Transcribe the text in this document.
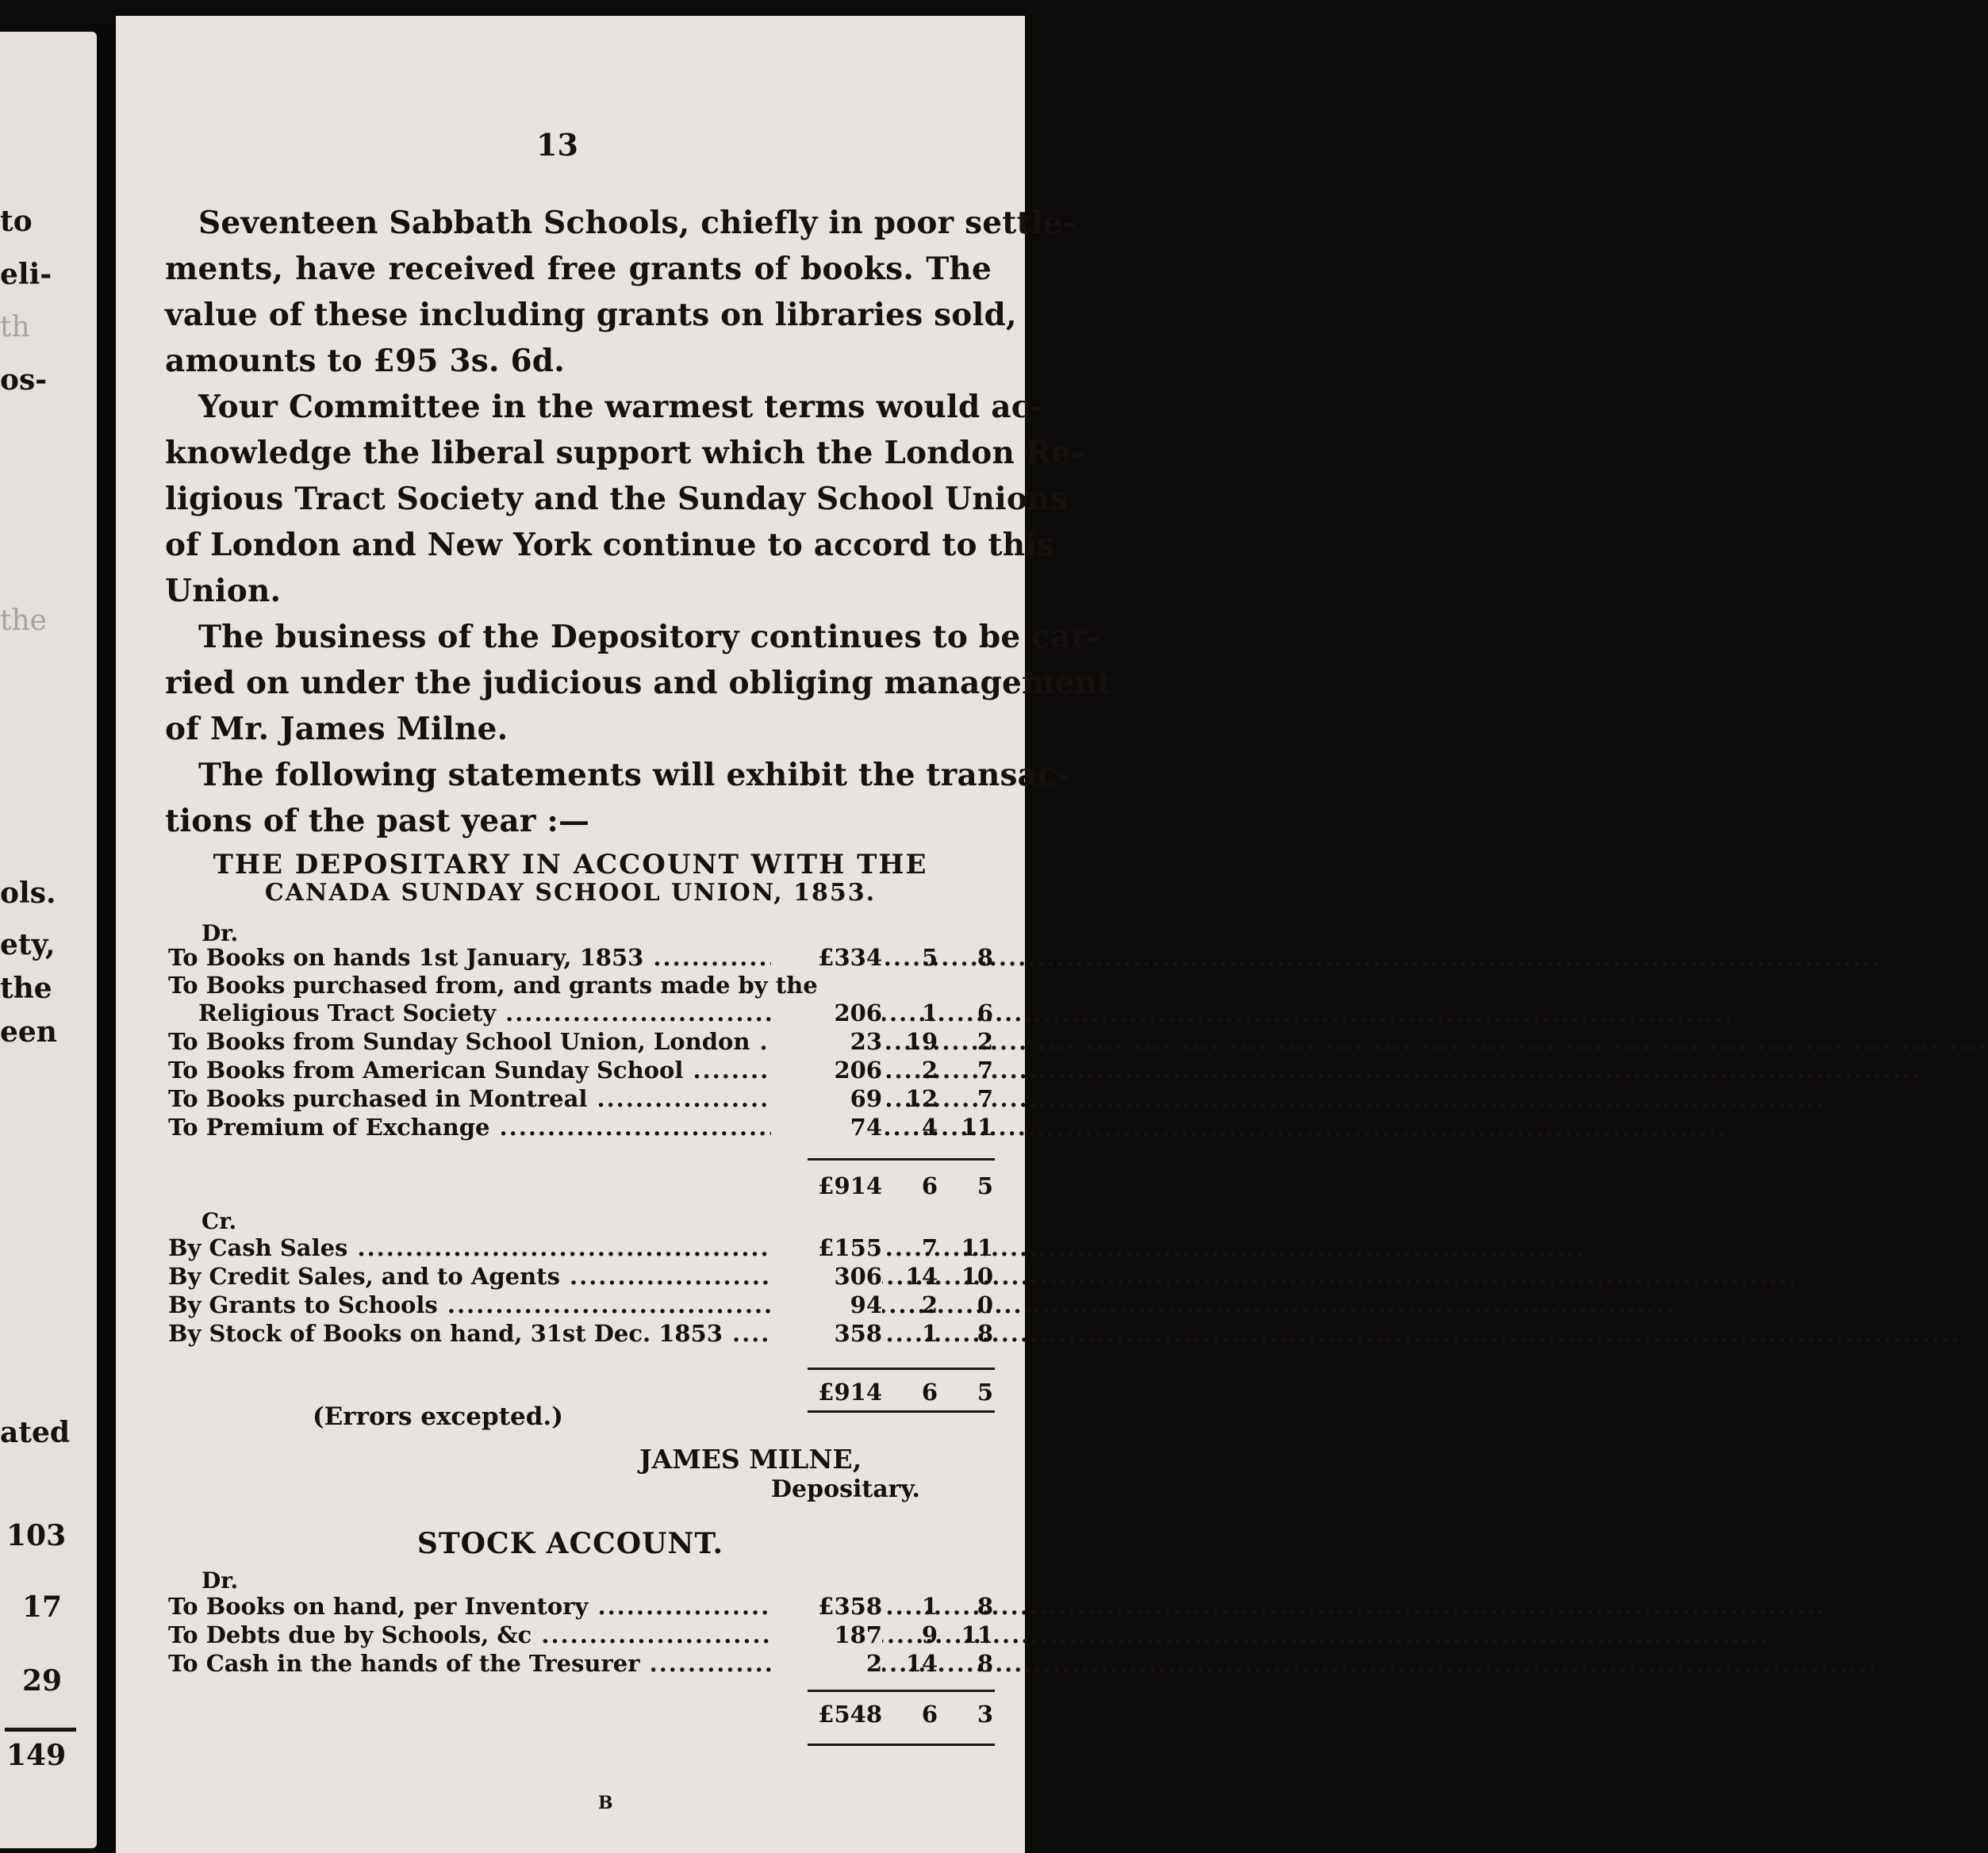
to
eli-
th
os-
the
ols.
ety,
the
een
ated
103
17
29
149
13
Seventeen Sabbath Schools, chiefly in poor settle-
ments, have received free grants of books. The
value of these including grants on libraries sold,
amounts to £95 3s. 6d.
Your Committee in the warmest terms would ac-
knowledge the liberal support which the London Re-
ligious Tract Society and the Sunday School Unions
of London and New York continue to accord to this
Union.
The business of the Depository continues to be car-
ried on under the judicious and obliging management
of Mr. James Milne.
The following statements will exhibit the transac-
tions of the past year :—
THE DEPOSITARY IN ACCOUNT WITH THE
CANADA SUNDAY SCHOOL UNION, 1853.
Dr.
To Books on hands 1st January, 1853 .....	£334	5	8
To Books purchased from, and grants made by the
Religious Tract Society .....	206	1	6
To Books from Sunday School Union, London .....	23	19	2
To Books from American Sunday School .....	206	2	7
To Books purchased in Montreal .....	69	12	7
To Premium of Exchange .....	74	4	11
£914	6	5
Cr.
By Cash Sales .....	£155	7	11
By Credit Sales, and to Agents .....	306	14	10
By Grants to Schools .....	94	2	0
By Stock of Books on hand, 31st Dec. 1853 .....	358	1	8
£914	6	5
(Errors excepted.)
JAMES MILNE,
Depositary.
STOCK ACCOUNT.
Dr.
To Books on hand, per Inventory .....	£358	1	8
To Debts due by Schools, &c .....	187	9	11
To Cash in the hands of the Tresurer .....	2	14	8
£548	6	3
B
